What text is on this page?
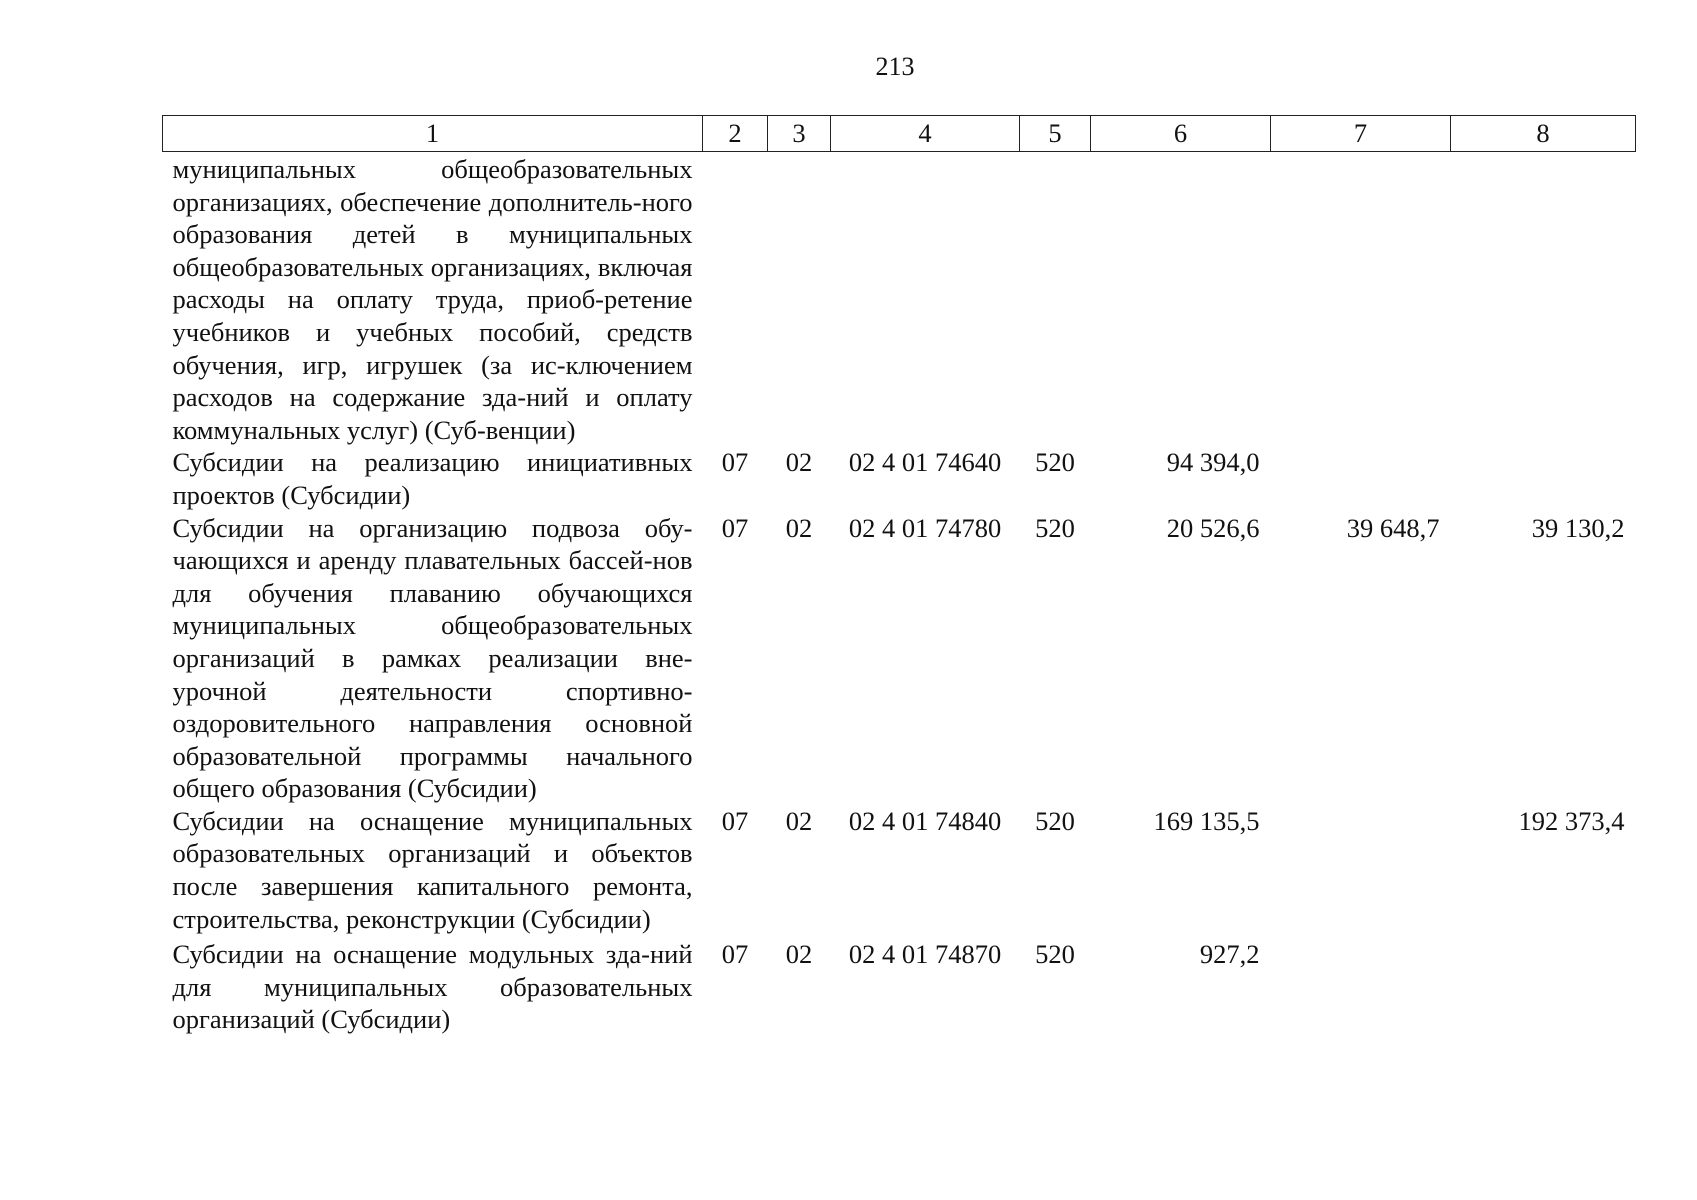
213
1	2	3	4	5	6	7	8
муниципальных общеобразовательных организациях, обеспечение дополнитель-ного образования детей в муниципальных общеобразовательных организациях, включая расходы на оплату труда, приоб-ретение учебников и учебных пособий, средств обучения, игр, игрушек (за ис-ключением расходов на содержание зда-ний и оплату коммунальных услуг) (Суб-венции)							
Субсидии на реализацию инициативных проектов (Субсидии)	07	02	02 4 01 74640	520	94 394,0		
Субсидии на организацию подвоза обу-чающихся и аренду плавательных бассей-нов для обучения плаванию обучающихся муниципальных общеобразовательных организаций в рамках реализации вне-урочной деятельности спортивно-оздоровительного направления основной образовательной программы начального общего образования (Субсидии)	07	02	02 4 01 74780	520	20 526,6	39 648,7	39 130,2
Субсидии на оснащение муниципальных образовательных организаций и объектов после завершения капитального ремонта, строительства, реконструкции (Субсидии)	07	02	02 4 01 74840	520	169 135,5		192 373,4
Субсидии на оснащение модульных зда-ний для муниципальных образовательных организаций (Субсидии)	07	02	02 4 01 74870	520	927,2		
